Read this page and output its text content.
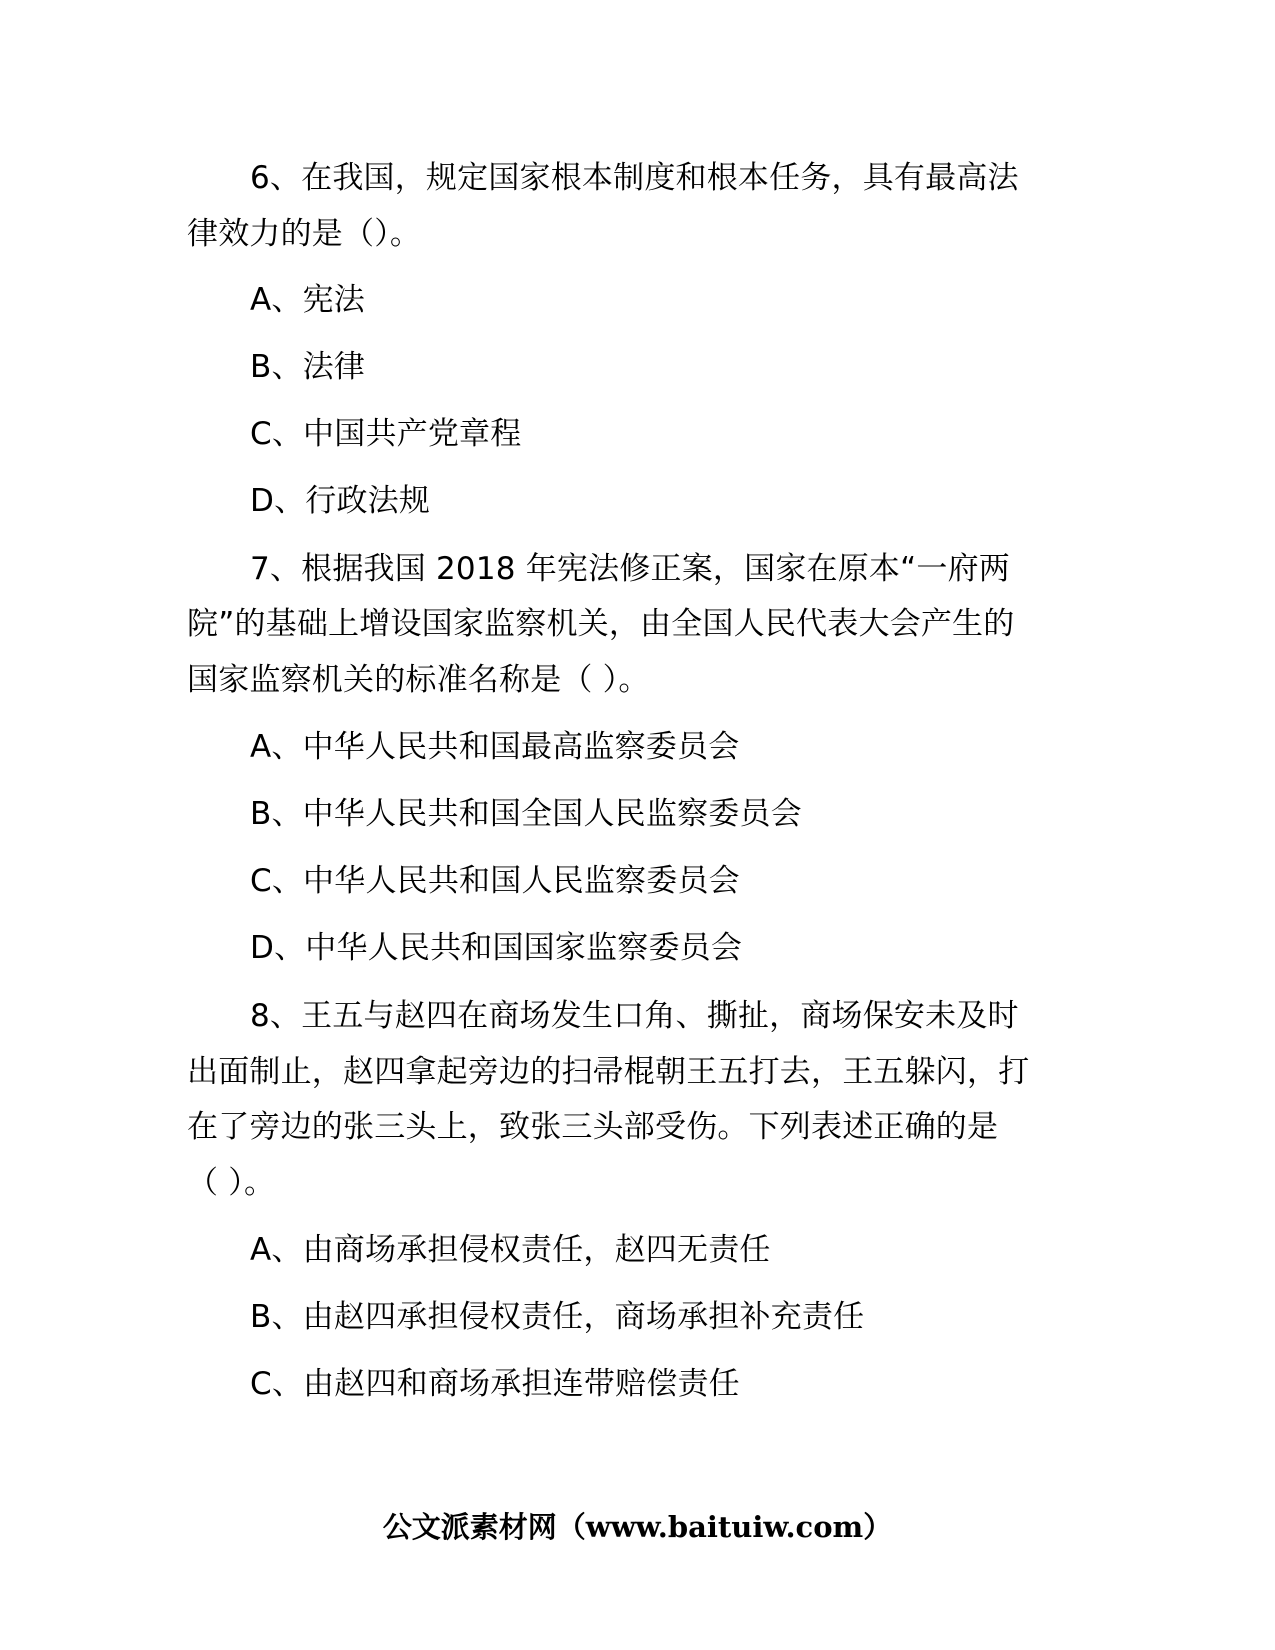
6、在我国，规定国家根本制度和根本任务，具有最高法
律效力的是（）。
A、宪法
B、法律
C、中国共产党章程
D、行政法规
7、根据我国 2018 年宪法修正案，国家在原本“一府两
院”的基础上增设国家监察机关，由全国人民代表大会产生的
国家监察机关的标准名称是（ ）。
A、中华人民共和国最高监察委员会
B、中华人民共和国全国人民监察委员会
C、中华人民共和国人民监察委员会
D、中华人民共和国国家监察委员会
8、王五与赵四在商场发生口角、撕扯，商场保安未及时
出面制止，赵四拿起旁边的扫帚棍朝王五打去，王五躲闪，打
在了旁边的张三头上，致张三头部受伤。下列表述正确的是
（ ）。
A、由商场承担侵权责任，赵四无责任
B、由赵四承担侵权责任，商场承担补充责任
C、由赵四和商场承担连带赔偿责任
公文派素材网（www.baituiw.com）
